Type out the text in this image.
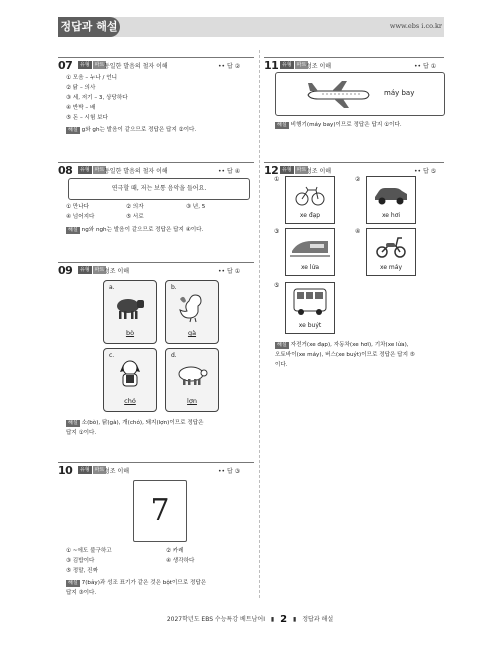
정답과 해설	www.ebs i.co.kr
07	유형	파트 동일한 발음의 철자 이해	•• 답 ②
① 모음 – 누나 / 언니
② 닭 – 의사
③ 세, 저기 – 3, 상당하다
④ 반박 – 배
⑤ 돈 – 시험 보다
해설 g와 gh는 발음이 같으므로 정답은 답지 ②이다.
08	유형	파트 동일한 발음의 철자 이해	•• 답 ④
연극할 때, 저는 보통 음악을 들어요.
① 만나다	② 의자	③ 년, 5
④ 넘어지다	⑤ 서로
해설 ng와 ngh는 발음이 같으므로 정답은 답지 ④이다.
09	유형	파트 성조 이해	•• 답 ①
a.
bò
b.
gà
c.
chó
d.
lợn
해설 소(bò), 닭(gà), 개(chó), 돼지(lợn)이므로 정답은
답지 ①이다.
10	유형	파트 성조 이해	•• 답 ③
7
① ~에도 불구하고	② 카레
③ 김밥이다	④ 생각하다
⑤ 정말, 진짜
해설 7(bảy)과 성조 표기가 같은 것은 bột이므로 정답은
답지 ③이다.
11 유형	파트 성조 이해	•• 답 ①
máy bay
해설 비행기(máy bay)이므로 정답은 답지 ①이다.
12 유형	파트 성조 이해	•• 답 ⑤
①
xe đạp
②
xe hơi
③
xe lửa
④
xe máy
⑤
xe buýt
해설 자전거(xe đạp), 자동차(xe hơi), 기차(xe lửa),
오토바이(xe máy), 버스(xe buýt)이므로 정답은 답지 ⑤
이다.
2027학년도 EBS 수능특강 베트남어Ⅰ ▮ 2 ▮ 정답과 해설
